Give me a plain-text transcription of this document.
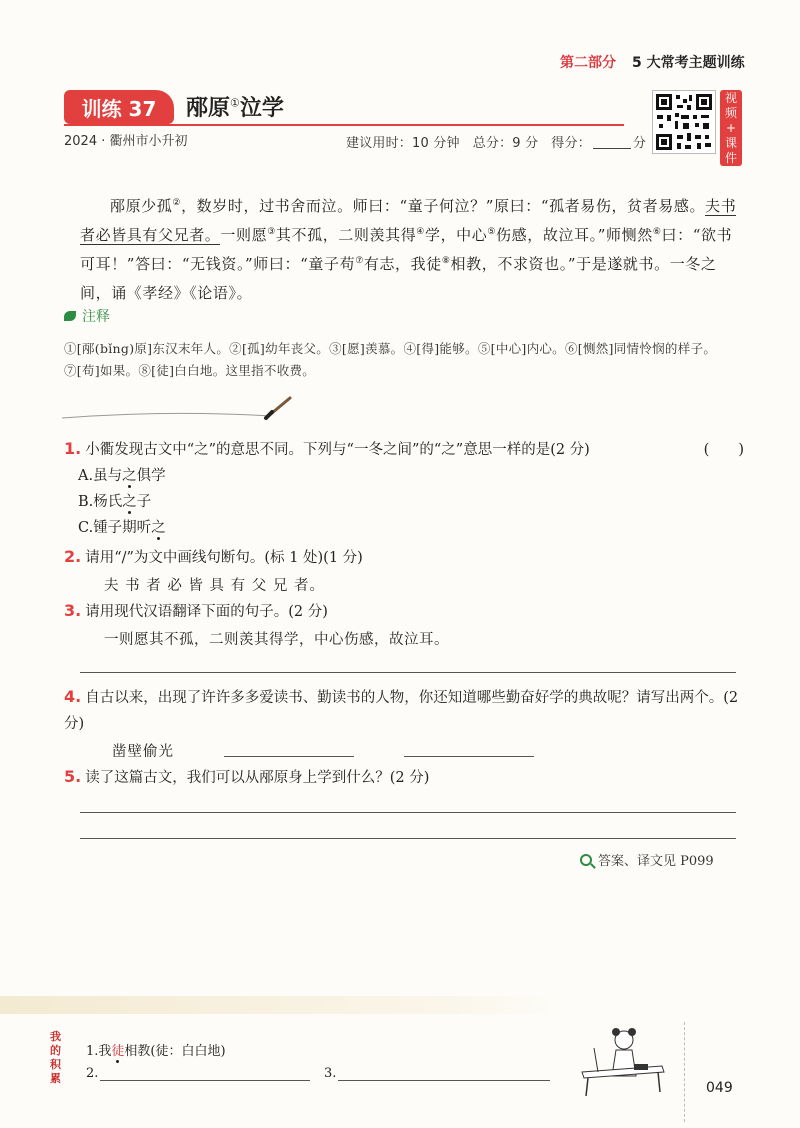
第二部分 5 大常考主题训练
训练 37	邴原①泣学
2024 · 衢州市小升初	建议用时：10 分钟 总分：9 分 得分：	分
视
频
+
课
件
邴原少孤②，数岁时，过书舍而泣。师曰：“童子何泣？”原曰：“孤者易伤，贫者易感。夫书者必皆具有父兄者。一则愿③其不孤，二则羡其得④学，中心⑤伤感，故泣耳。”师恻然⑥曰：“欲书可耳！”答曰：“无钱资。”师曰：“童子苟⑦有志，我徒⑧相教，不求资也。”于是遂就书。一冬之间，诵《孝经》《论语》。
注释
①[邴(bǐng)原]东汉末年人。②[孤]幼年丧父。③[愿]羡慕。④[得]能够。⑤[中心]内心。⑥[恻然]同情怜悯的样子。⑦[苟]如果。⑧[徒]白白地。这里指不收费。
1. 小衢发现古文中“之”的意思不同。下列与“一冬之间”的“之”意思一样的是(2 分)	(　　)
A.虽与之俱学
B.杨氏之子
C.锺子期听之
2. 请用“/”为文中画线句断句。(标 1 处)(1 分)
夫 书 者 必 皆 具 有 父 兄 者。
3. 请用现代汉语翻译下面的句子。(2 分)
一则愿其不孤，二则羡其得学，中心伤感，故泣耳。
4. 自古以来，出现了许许多多爱读书、勤读书的人物，你还知道哪些勤奋好学的典故呢？请写出两个。(2 分)
凿壁偷光
5. 读了这篇古文，我们可以从邴原身上学到什么？(2 分)
答案、译文见 P099
我的积累
1.我徒相教(徒：白白地)
2.	3.
049
